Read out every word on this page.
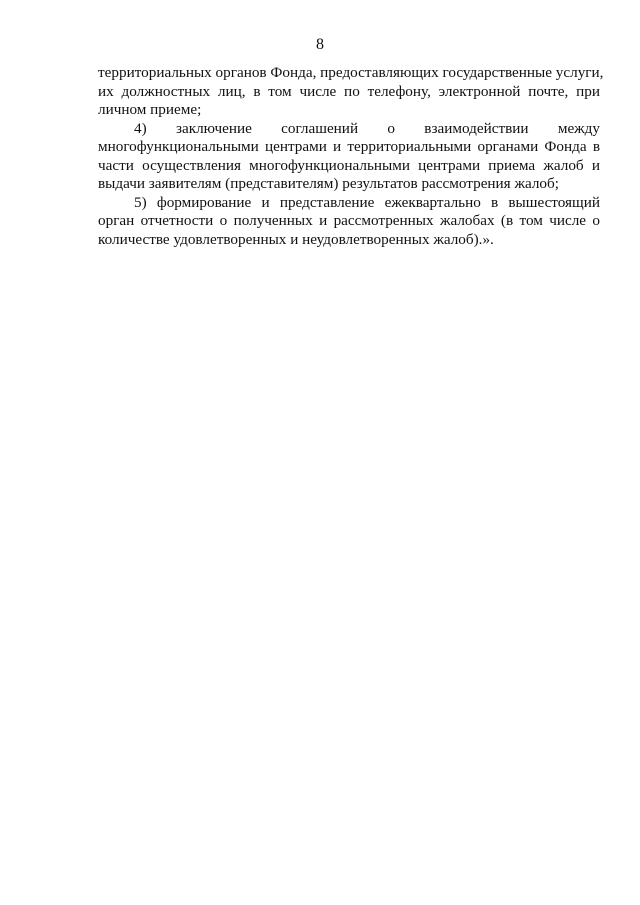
8
территориальных органов Фонда, предоставляющих государственные услуги,
их должностных лиц, в том числе по телефону, электронной почте, при
личном приеме;
4) заключение соглашений о взаимодействии между
многофункциональными центрами и территориальными органами Фонда в
части осуществления многофункциональными центрами приема жалоб и
выдачи заявителям (представителям) результатов рассмотрения жалоб;
5) формирование и представление ежеквартально в вышестоящий
орган отчетности о полученных и рассмотренных жалобах (в том числе о
количестве удовлетворенных и неудовлетворенных жалоб).».
